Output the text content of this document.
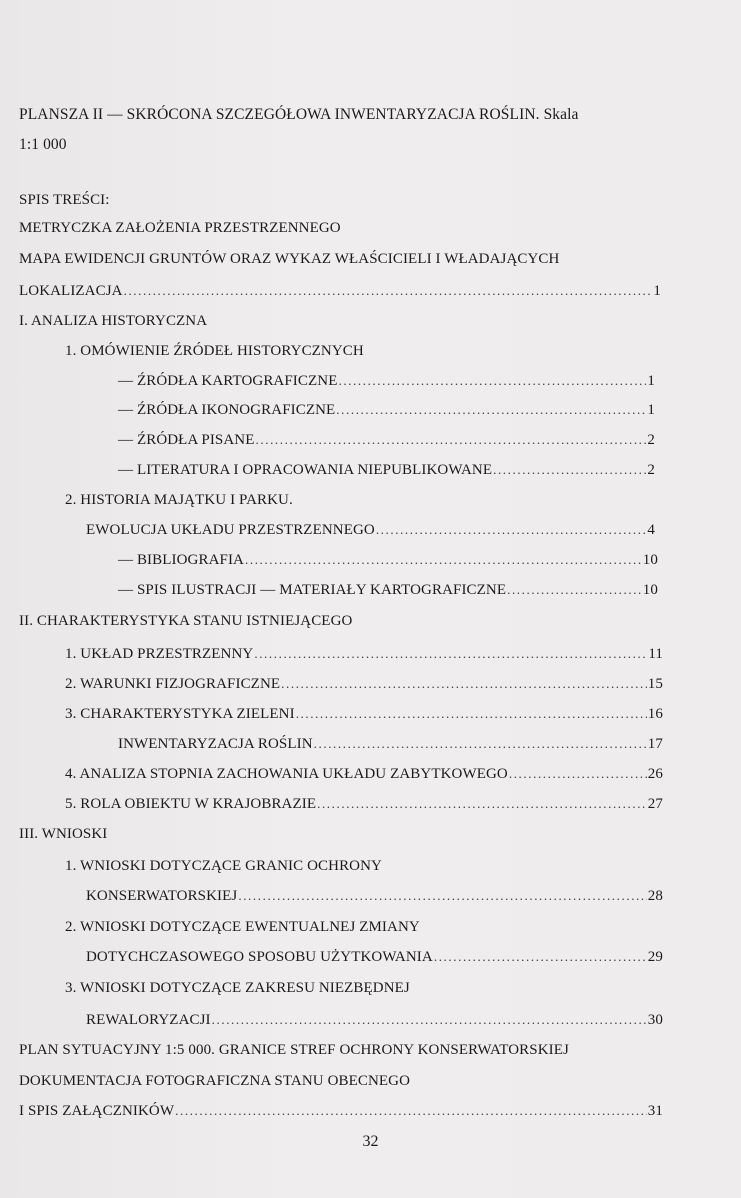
PLANSZA II — SKRÓCONA SZCZEGÓŁOWA INWENTARYZACJA ROŚLIN. Skala
1:1 000
SPIS TREŚCI:
METRYCZKA ZAŁOŻENIA PRZESTRZENNEGO
MAPA EWIDENCJI GRUNTÓW ORAZ WYKAZ WŁAŚCICIELI I WŁADAJĄCYCH
LOKALIZACJA .....	1
I. ANALIZA HISTORYCZNA
1. OMÓWIENIE ŹRÓDEŁ HISTORYCZNYCH
— ŹRÓDŁA KARTOGRAFICZNE .....	1
— ŹRÓDŁA IKONOGRAFICZNE .....	1
— ŹRÓDŁA PISANE .....	2
— LITERATURA I OPRACOWANIA NIEPUBLIKOWANE .....	2
2. HISTORIA MAJĄTKU I PARKU.
EWOLUCJA UKŁADU PRZESTRZENNEGO .....	4
— BIBLIOGRAFIA .....	10
— SPIS ILUSTRACJI — MATERIAŁY KARTOGRAFICZNE .....	10
II. CHARAKTERYSTYKA STANU ISTNIEJĄCEGO
1. UKŁAD PRZESTRZENNY .....	11
2. WARUNKI FIZJOGRAFICZNE .....	15
3. CHARAKTERYSTYKA ZIELENI .....	16
INWENTARYZACJA ROŚLIN .....	17
4. ANALIZA STOPNIA ZACHOWANIA UKŁADU ZABYTKOWEGO .....	26
5. ROLA OBIEKTU W KRAJOBRAZIE .....	27
III. WNIOSKI
1. WNIOSKI DOTYCZĄCE GRANIC OCHRONY
KONSERWATORSKIEJ .....	28
2. WNIOSKI DOTYCZĄCE EWENTUALNEJ ZMIANY
DOTYCHCZASOWEGO SPOSOBU UŻYTKOWANIA .....	29
3. WNIOSKI DOTYCZĄCE ZAKRESU NIEZBĘDNEJ
REWALORYZACJI .....	30
PLAN SYTUACYJNY 1:5 000. GRANICE STREF OCHRONY KONSERWATORSKIEJ
DOKUMENTACJA FOTOGRAFICZNA STANU OBECNEGO
I SPIS ZAŁĄCZNIKÓW .....	31
32
